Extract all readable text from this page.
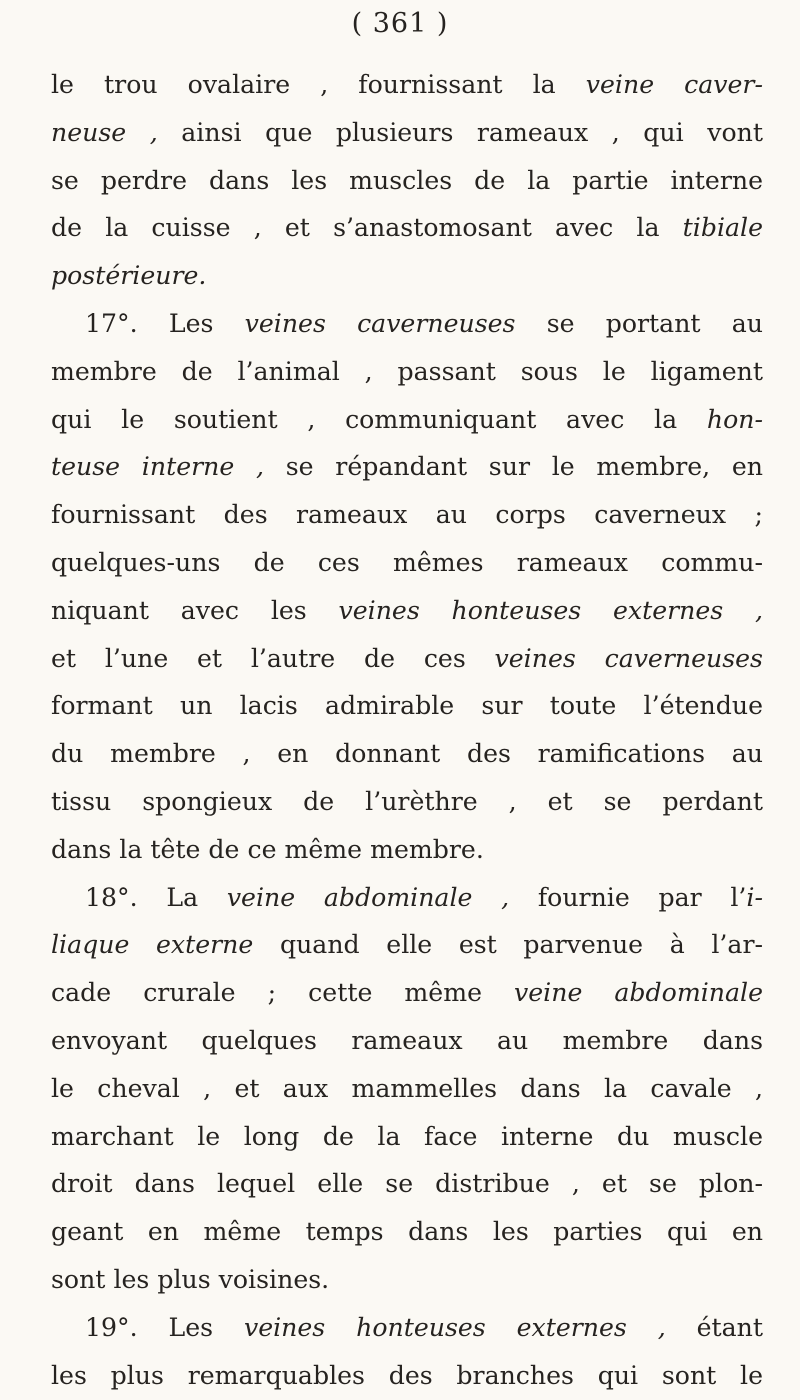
( 361 )
le trou ovalaire , fournissant la veine caver-
neuse , ainsi que plusieurs rameaux , qui vont
se perdre dans les muscles de la partie interne
de la cuisse , et s’anastomosant avec la tibiale
postérieure.
17°. Les veines caverneuses se portant au
membre de l’animal , passant sous le ligament
qui le soutient , communiquant avec la hon-
teuse interne , se répandant sur le membre, en
fournissant des rameaux au corps caverneux ;
quelques-uns de ces mêmes rameaux commu-
niquant avec les veines honteuses externes ,
et l’une et l’autre de ces veines caverneuses
formant un lacis admirable sur toute l’étendue
du membre , en donnant des ramifications au
tissu spongieux de l’urèthre , et se perdant
dans la tête de ce même membre.
18°. La veine abdominale , fournie par l’i-
liaque externe quand elle est parvenue à l’ar-
cade crurale ; cette même veine abdominale
envoyant quelques rameaux au membre dans
le cheval , et aux mammelles dans la cavale ,
marchant le long de la face interne du muscle
droit dans lequel elle se distribue , et se plon-
geant en même temps dans les parties qui en
sont les plus voisines.
19°. Les veines honteuses externes , étant
les plus remarquables des branches qui sont le
